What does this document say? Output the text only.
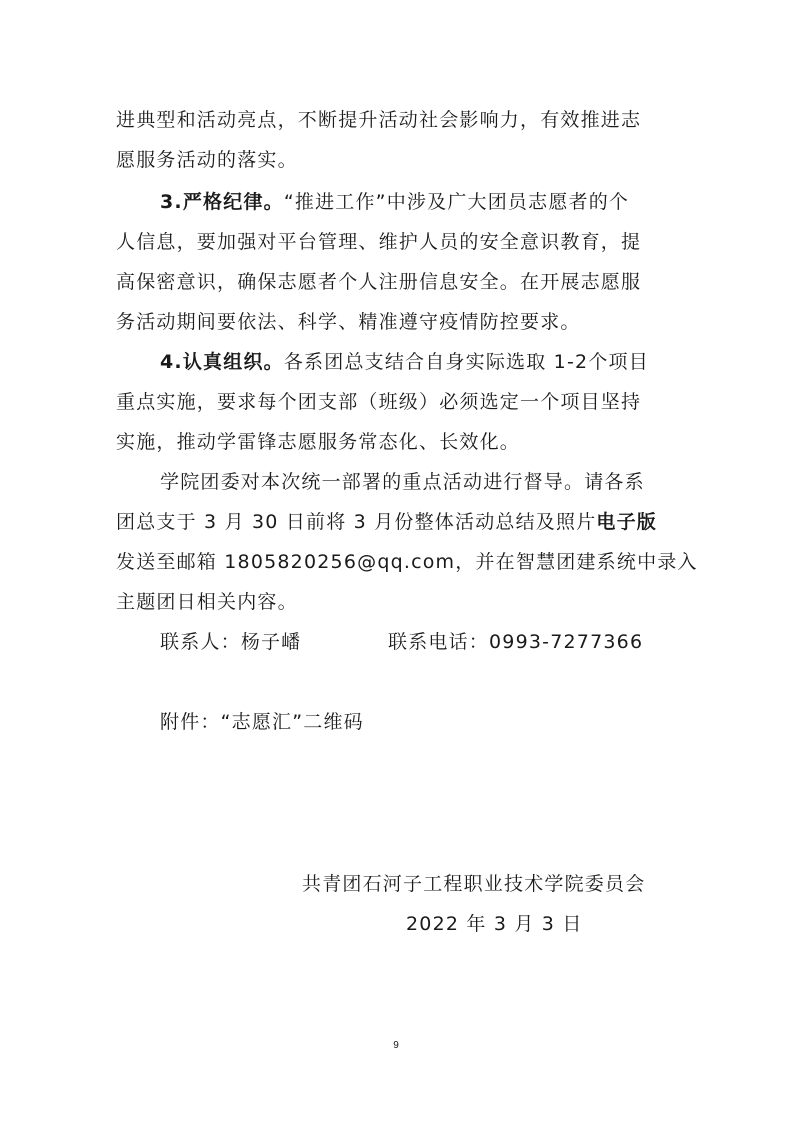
进典型和活动亮点，不断提升活动社会影响力，有效推进志
愿服务活动的落实。
3.严格纪律。“推进工作”中涉及广大团员志愿者的个
人信息，要加强对平台管理、维护人员的安全意识教育，提
高保密意识，确保志愿者个人注册信息安全。在开展志愿服
务活动期间要依法、科学、精准遵守疫情防控要求。
4.认真组织。各系团总支结合自身实际选取 1-2个项目
重点实施，要求每个团支部（班级）必须选定一个项目坚持
实施，推动学雷锋志愿服务常态化、长效化。
学院团委对本次统一部署的重点活动进行督导。请各系
团总支于 3 月 30 日前将 3 月份整体活动总结及照片电子版
发送至邮箱 1805820256@qq.com，并在智慧团建系统中录入
主题团日相关内容。
联系人：杨子嶓	联系电话：0993-7277366
附件：“志愿汇”二维码
共青团石河子工程职业技术学院委员会
2022 年 3 月 3 日
9
